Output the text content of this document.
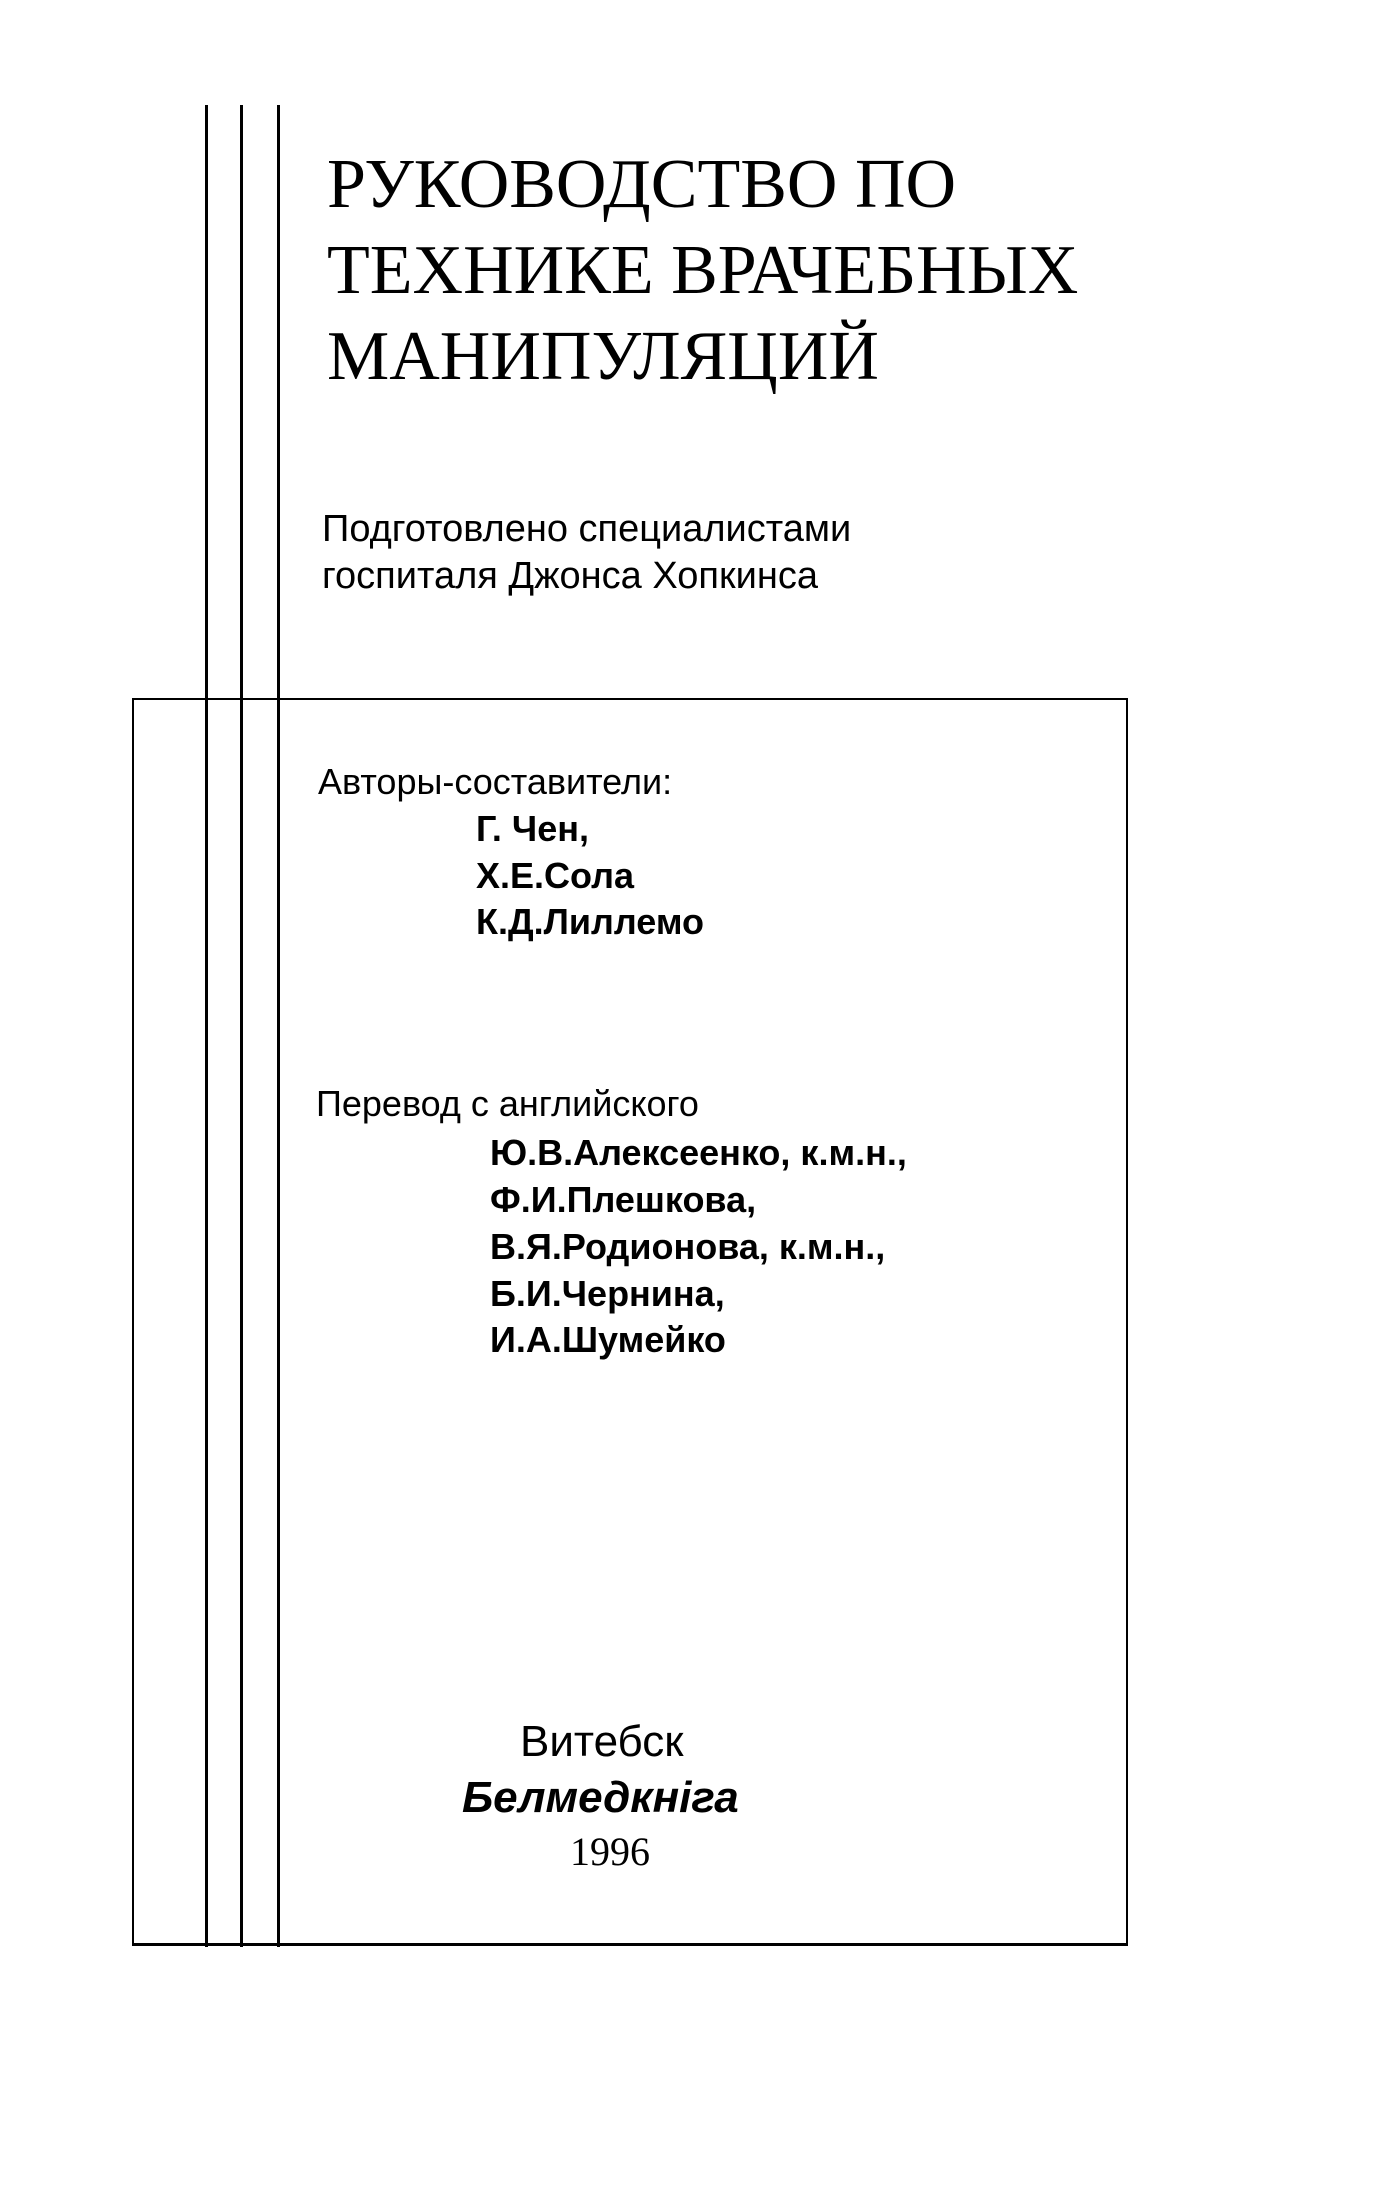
РУКОВОДСТВО ПО
ТЕХНИКЕ ВРАЧЕБНЫХ
МАНИПУЛЯЦИЙ
Подготовлено специалистами
госпиталя Джонса Хопкинса
Авторы-составители:
Г. Чен,
Х.Е.Сола
К.Д.Лиллемо
Перевод с английского
Ю.В.Алексеенко, к.м.н.,
Ф.И.Плешкова,
В.Я.Родионова, к.м.н.,
Б.И.Чернина,
И.А.Шумейко
Витебск
Белмедкнiга
1996
